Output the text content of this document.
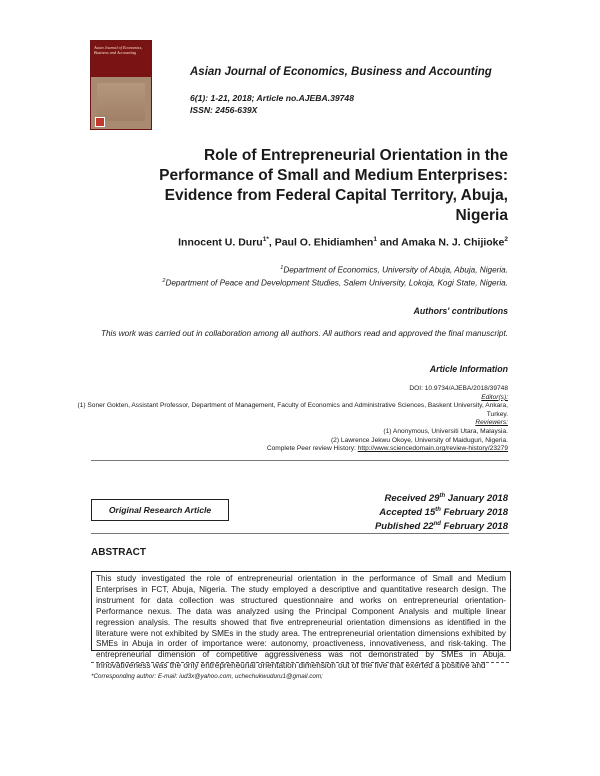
Asian Journal of Economics, Business and Accounting
Asian Journal of Economics, Business and Accounting
6(1): 1-21, 2018; Article no.AJEBA.39748
ISSN: 2456-639X
Role of Entrepreneurial Orientation in the Performance of Small and Medium Enterprises: Evidence from Federal Capital Territory, Abuja, Nigeria
Innocent U. Duru$^{1*}$, Paul O. Ehidiamhen$^1$ and Amaka N. J. Chijioke$^2$
$^1$Department of Economics, University of Abuja, Abuja, Nigeria.
$^2$Department of Peace and Development Studies, Salem University, Lokoja, Kogi State, Nigeria.
Authors' contributions
This work was carried out in collaboration among all authors. All authors read and approved the final manuscript.
Article Information
DOI: 10.9734/AJEBA/2018/39748
Editor(s):
(1) Soner Gokten, Assistant Professor, Department of Management, Faculty of Economics and Administrative Sciences, Baskent University, Ankara, Turkey.
Reviewers:
(1) Anonymous, Universiti Utara, Malaysia.
(2) Lawrence Jekwu Okoye, University of Maiduguri, Nigeria.
Complete Peer review History: http://www.sciencedomain.org/review-history/23279
Received 29th January 2018
Accepted 15th February 2018
Published 22nd February 2018
Original Research Article
ABSTRACT
This study investigated the role of entrepreneurial orientation in the performance of Small and Medium Enterprises in FCT, Abuja, Nigeria. The study employed a descriptive and quantitative research design. The instrument for data collection was structured questionnaire and works on entrepreneurial orientation-Performance nexus. The data was analyzed using the Principal Component Analysis and multiple linear regression analysis. The results showed that five entrepreneurial orientation dimensions as identified in the literature were not exhibited by SMEs in the study area. The entrepreneurial orientation dimensions exhibited by SMEs in Abuja in order of importance were: autonomy, proactiveness, innovativeness, and risk-taking. The entrepreneurial dimension of competitive aggressiveness was not demonstrated by SMEs in Abuja. Innovativeness was the only entrepreneurial orientation dimension out of the five that exerted a positive and
*Corresponding author: E-mail: iud3x@yahoo.com, uchechukwuduru1@gmail.com;
